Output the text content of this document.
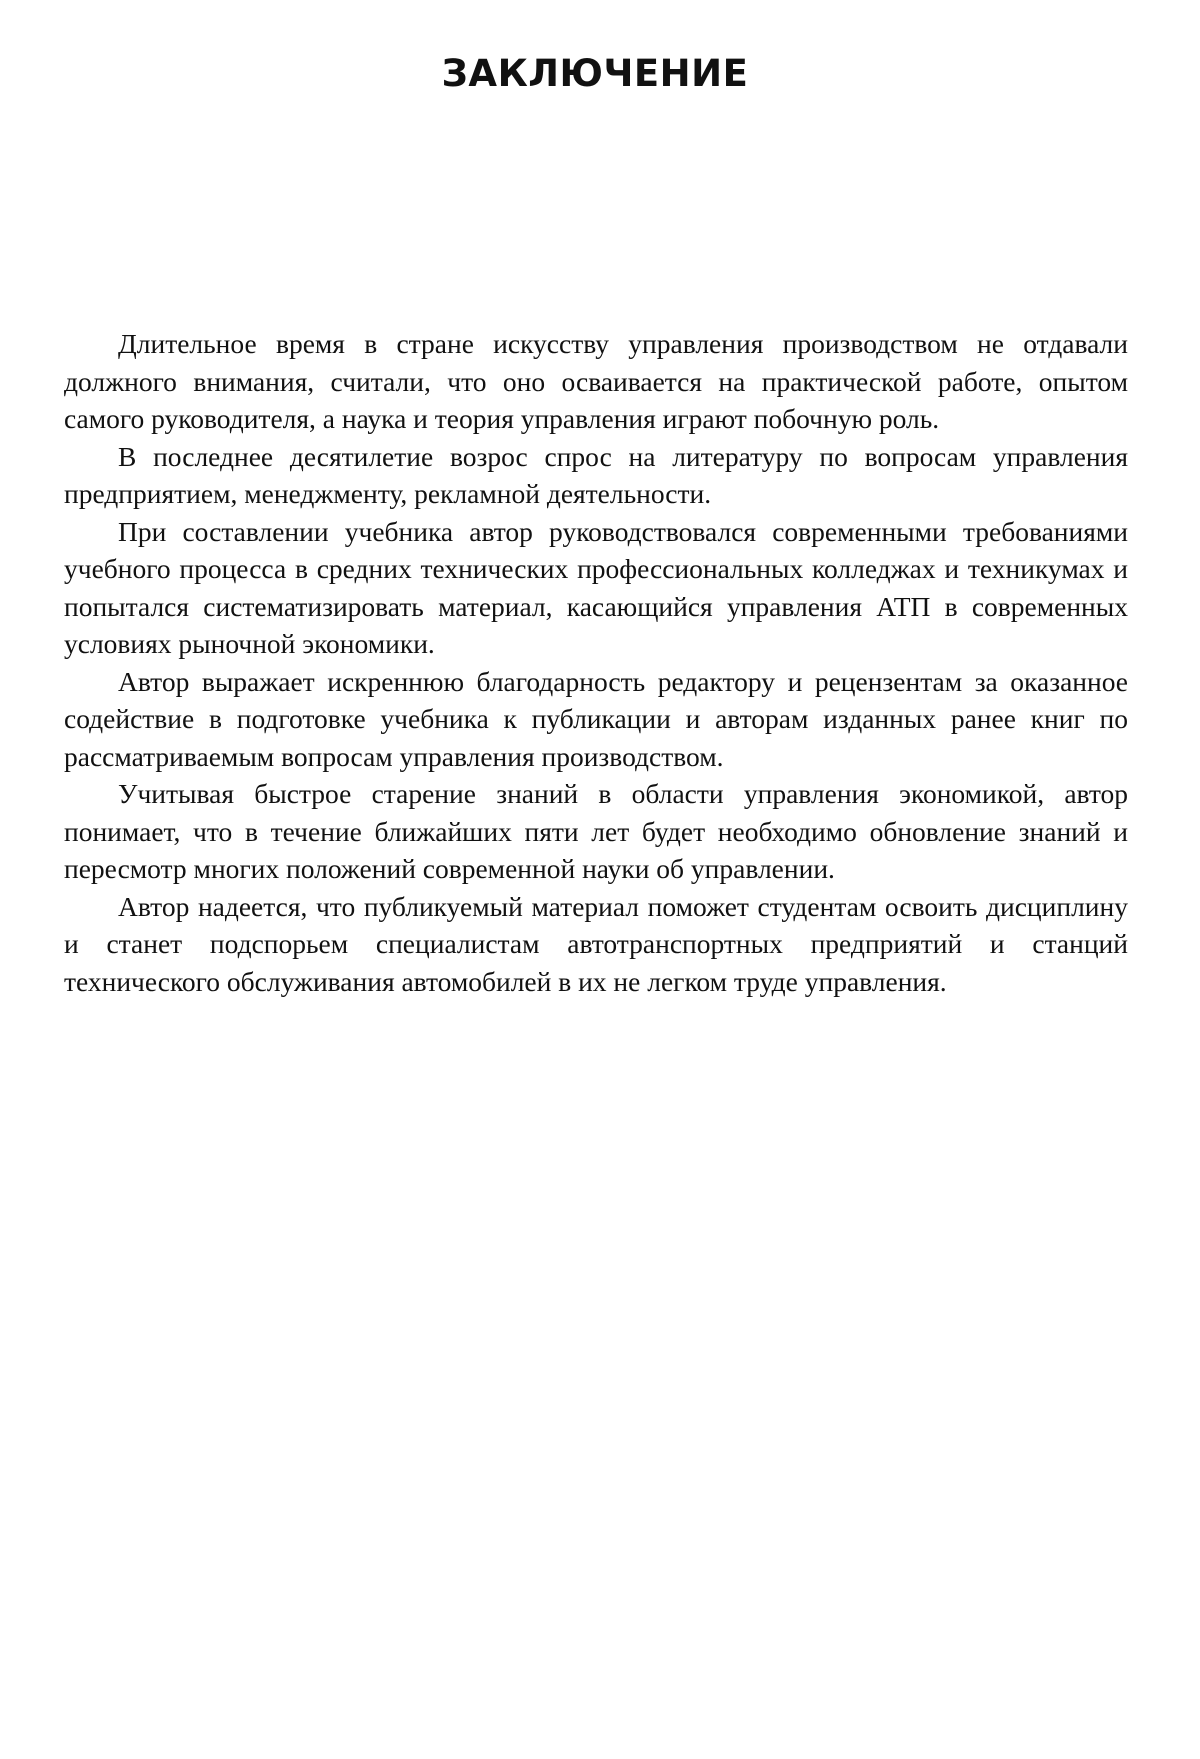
ЗАКЛЮЧЕНИЕ

Длительное время в стране искусству управления производством не отдавали должного внимания, считали, что оно осваивается на практической работе, опытом самого руководителя, а наука и теория управления играют побочную роль.

В последнее десятилетие возрос спрос на литературу по вопросам управления предприятием, менеджменту, рекламной деятельности.

При составлении учебника автор руководствовался современными требованиями учебного процесса в средних технических профессиональных колледжах и техникумах и попытался систематизировать материал, касающийся управления АТП в современных условиях рыночной экономики.

Автор выражает искреннюю благодарность редактору и рецензентам за оказанное содействие в подготовке учебника к публикации и авторам изданных ранее книг по рассматриваемым вопросам управления производством.

Учитывая быстрое старение знаний в области управления экономикой, автор понимает, что в течение ближайших пяти лет будет необходимо обновление знаний и пересмотр многих положений современной науки об управлении.

Автор надеется, что публикуемый материал поможет студентам освоить дисциплину и станет подспорьем специалистам автотранспортных предприятий и станций технического обслуживания автомобилей в их не легком труде управления.
